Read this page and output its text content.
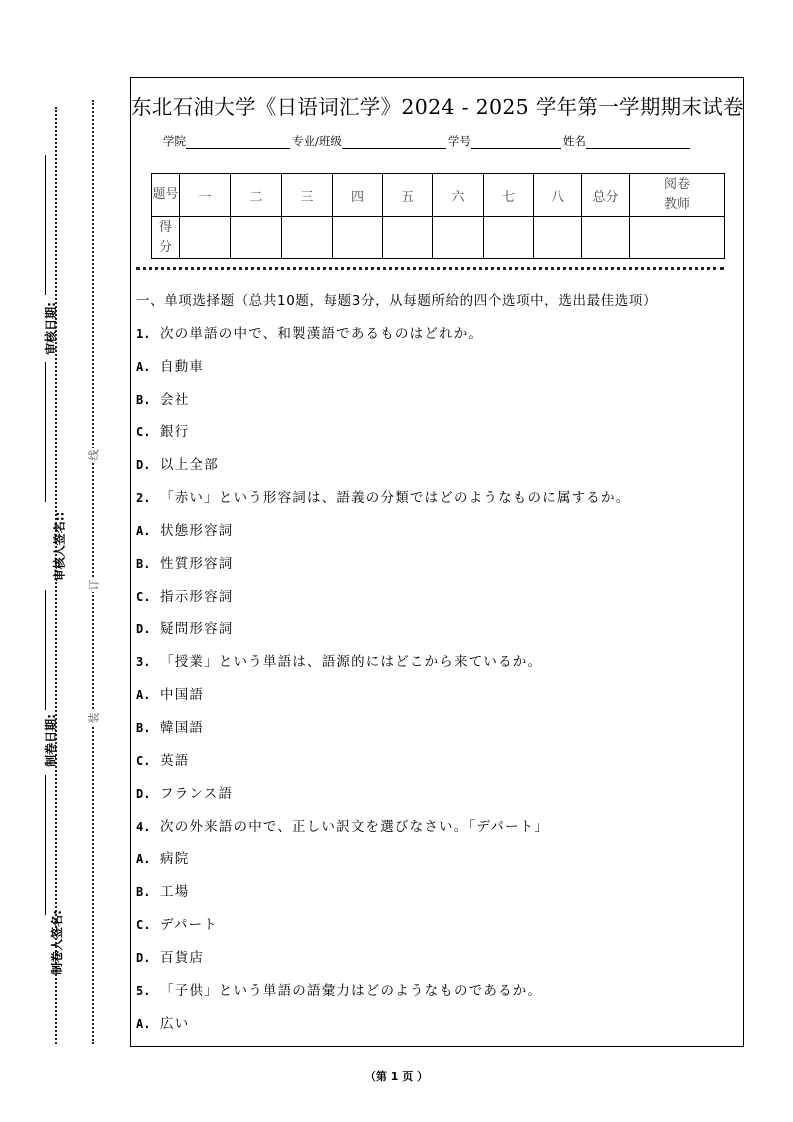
审核日期:
审核人签名::
制卷日期:
制卷人签名:
线
订
装
东北石油大学《日语词汇学》2024 - 2025 学年第一学期期末试卷
学院	专业/班级	学号	姓名
题号	一	二	三	四	五	六	七	八	总分	阅卷教师
得分										
一、单项选择题（总共10题，每题3分，从每题所给的四个选项中，选出最佳选项）
1. 次の単語の中で、和製漢語であるものはどれか。
A. 自動車
B. 会社
C. 銀行
D. 以上全部
2. 「赤い」という形容詞は、語義の分類ではどのようなものに属するか。
A. 状態形容詞
B. 性質形容詞
C. 指示形容詞
D. 疑問形容詞
3. 「授業」という単語は、語源的にはどこから来ているか。
A. 中国語
B. 韓国語
C. 英語
D. フランス語
4. 次の外来語の中で、正しい訳文を選びなさい。「デパート」
A. 病院
B. 工場
C. デパート
D. 百貨店
5. 「子供」という単語の語彙力はどのようなものであるか。
A. 広い
（第 1 页 ）
